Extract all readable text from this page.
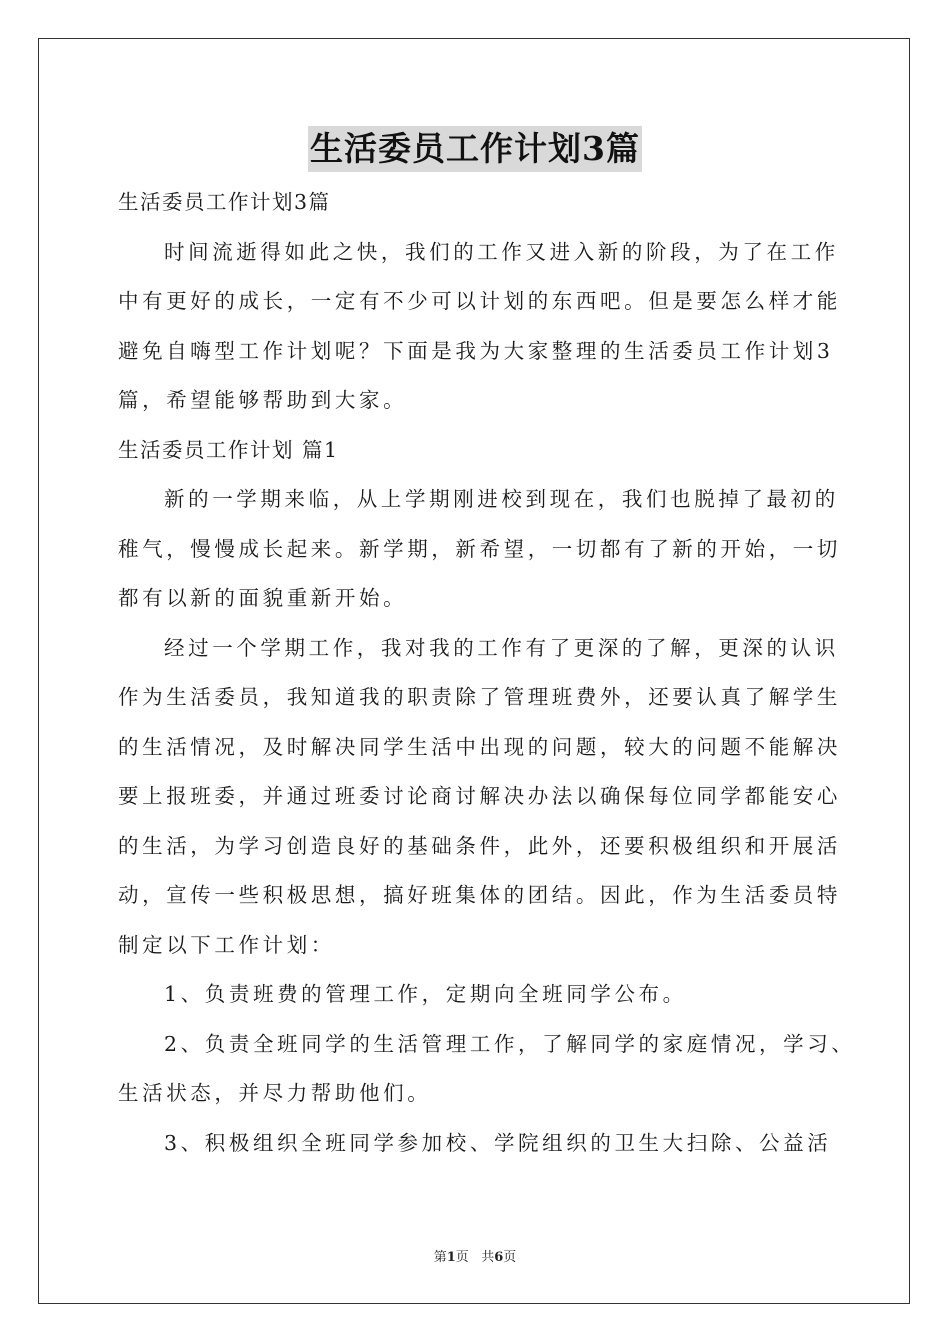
生活委员工作计划3篇
生活委员工作计划3篇
时间流逝得如此之快，我们的工作又进入新的阶段，为了在工作
中有更好的成长，一定有不少可以计划的东西吧。但是要怎么样才能
避免自嗨型工作计划呢？下面是我为大家整理的生活委员工作计划3
篇，希望能够帮助到大家。
生活委员工作计划 篇1
新的一学期来临，从上学期刚进校到现在，我们也脱掉了最初的
稚气，慢慢成长起来。新学期，新希望，一切都有了新的开始，一切
都有以新的面貌重新开始。
经过一个学期工作，我对我的工作有了更深的了解，更深的认识
作为生活委员，我知道我的职责除了管理班费外，还要认真了解学生
的生活情况，及时解决同学生活中出现的问题，较大的问题不能解决
要上报班委，并通过班委讨论商讨解决办法以确保每位同学都能安心
的生活，为学习创造良好的基础条件，此外，还要积极组织和开展活
动，宣传一些积极思想，搞好班集体的团结。因此，作为生活委员特
制定以下工作计划：
1、负责班费的管理工作，定期向全班同学公布。
2、负责全班同学的生活管理工作，了解同学的家庭情况，学习、
生活状态，并尽力帮助他们。
3、积极组织全班同学参加校、学院组织的卫生大扫除、公益活
第1页 共6页
